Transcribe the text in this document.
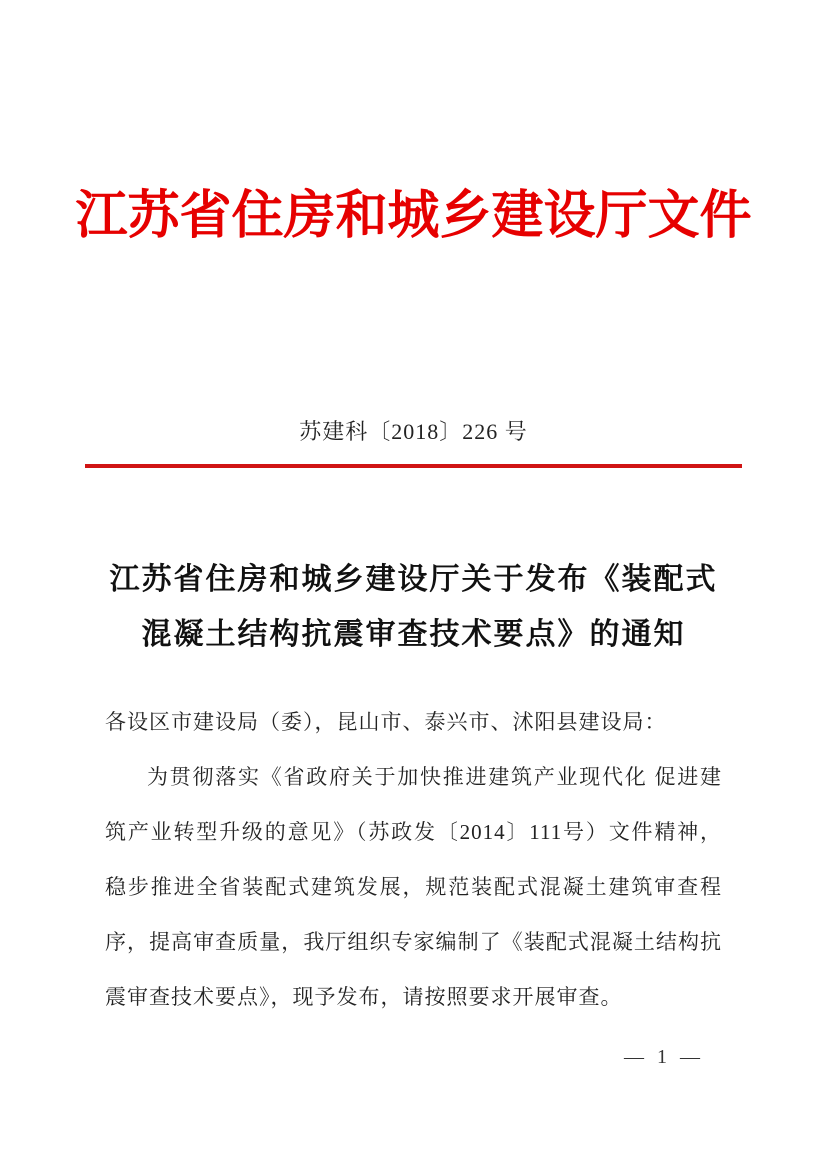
江苏省住房和城乡建设厅文件
苏建科〔2018〕226 号
江苏省住房和城乡建设厅关于发布《装配式
混凝土结构抗震审查技术要点》的通知
各设区市建设局（委），昆山市、泰兴市、沭阳县建设局：
为贯彻落实《省政府关于加快推进建筑产业现代化 促进建筑产业转型升级的意见》（苏政发〔2014〕111号）文件精神，稳步推进全省装配式建筑发展，规范装配式混凝土建筑审查程序，提高审查质量，我厅组织专家编制了《装配式混凝土结构抗震审查技术要点》，现予发布，请按照要求开展审查。
— 1 —
